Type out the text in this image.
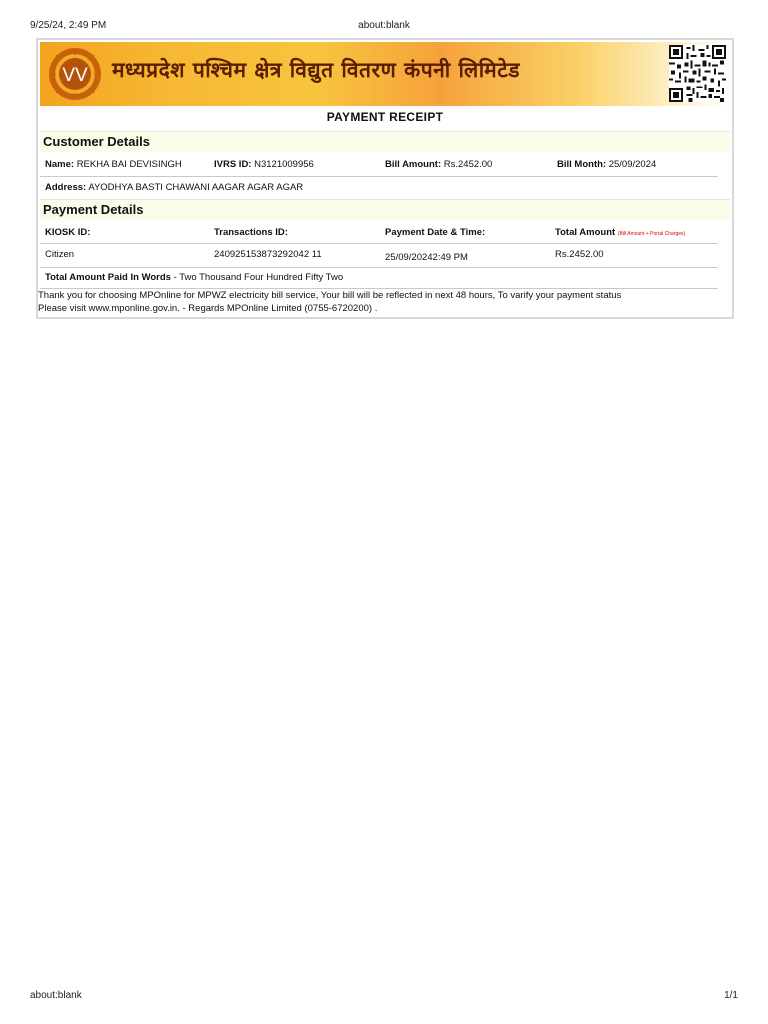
9/25/24, 2:49 PM	about:blank
VV मध्यप्रदेश पश्चिम क्षेत्र विद्युत वितरण कंपनी लिमिटेड
PAYMENT RECEIPT
Customer Details
Name: REKHA BAI DEVISINGH	IVRS ID: N3121009956	Bill Amount: Rs.2452.00	Bill Month: 25/09/2024
Address: AYODHYA BASTI CHAWANI AAGAR AGAR AGAR
Payment Details
KIOSK ID:	Transactions ID:	Payment Date & Time:	Total Amount (Bill Amount + Portal Charges)
Citizen	240925153873292042 11	25/09/20242:49 PM	Rs.2452.00
Total Amount Paid In Words - Two Thousand Four Hundred Fifty Two
Thank you for choosing MPOnline for MPWZ electricity bill service, Your bill will be reflected in next 48 hours, To varify your payment status
Please visit www.mponline.gov.in. - Regards MPOnline Limited (0755-6720200) .
about:blank	1/1
